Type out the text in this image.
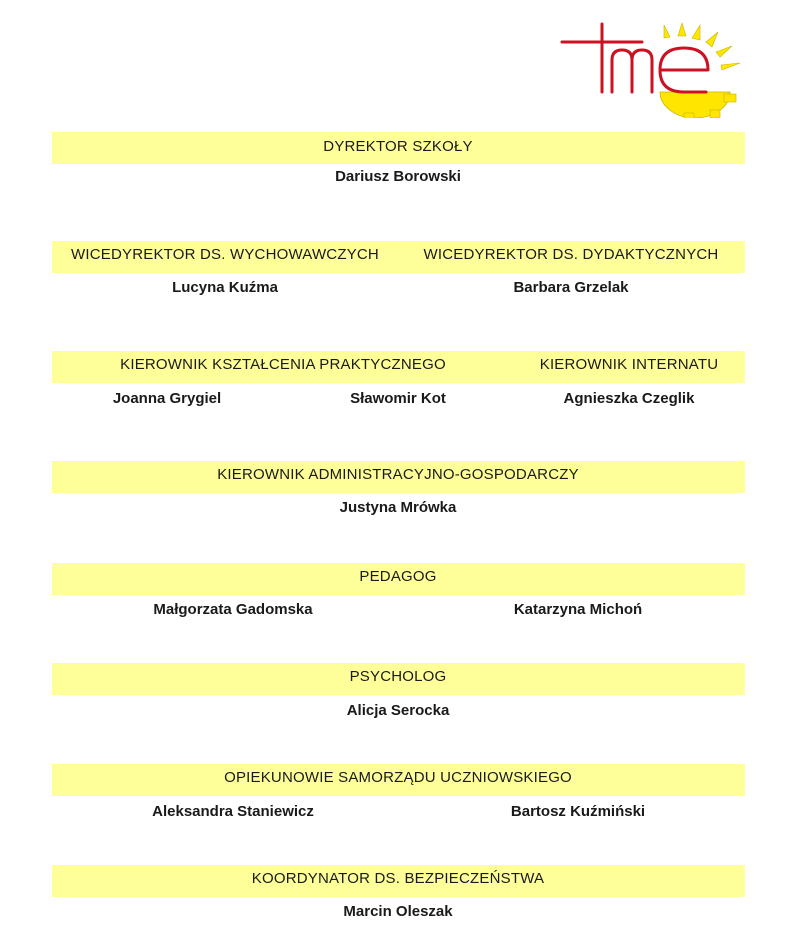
DYREKTOR SZKOŁY
Dariusz Borowski
WICEDYREKTOR DS. WYCHOWAWCZYCH	WICEDYREKTOR DS. DYDAKTYCZNYCH
Lucyna Kuźma	Barbara Grzelak
KIEROWNIK KSZTAŁCENIA PRAKTYCZNEGO	KIEROWNIK INTERNATU
Joanna Grygiel	Sławomir Kot	Agnieszka Czeglik
KIEROWNIK ADMINISTRACYJNO-GOSPODARCZY
Justyna Mrówka
PEDAGOG
Małgorzata Gadomska	Katarzyna Michoń
PSYCHOLOG
Alicja Serocka
OPIEKUNOWIE SAMORZĄDU UCZNIOWSKIEGO
Aleksandra Staniewicz	Bartosz Kuźmiński
KOORDYNATOR DS. BEZPIECZEŃSTWA
Marcin Oleszak
